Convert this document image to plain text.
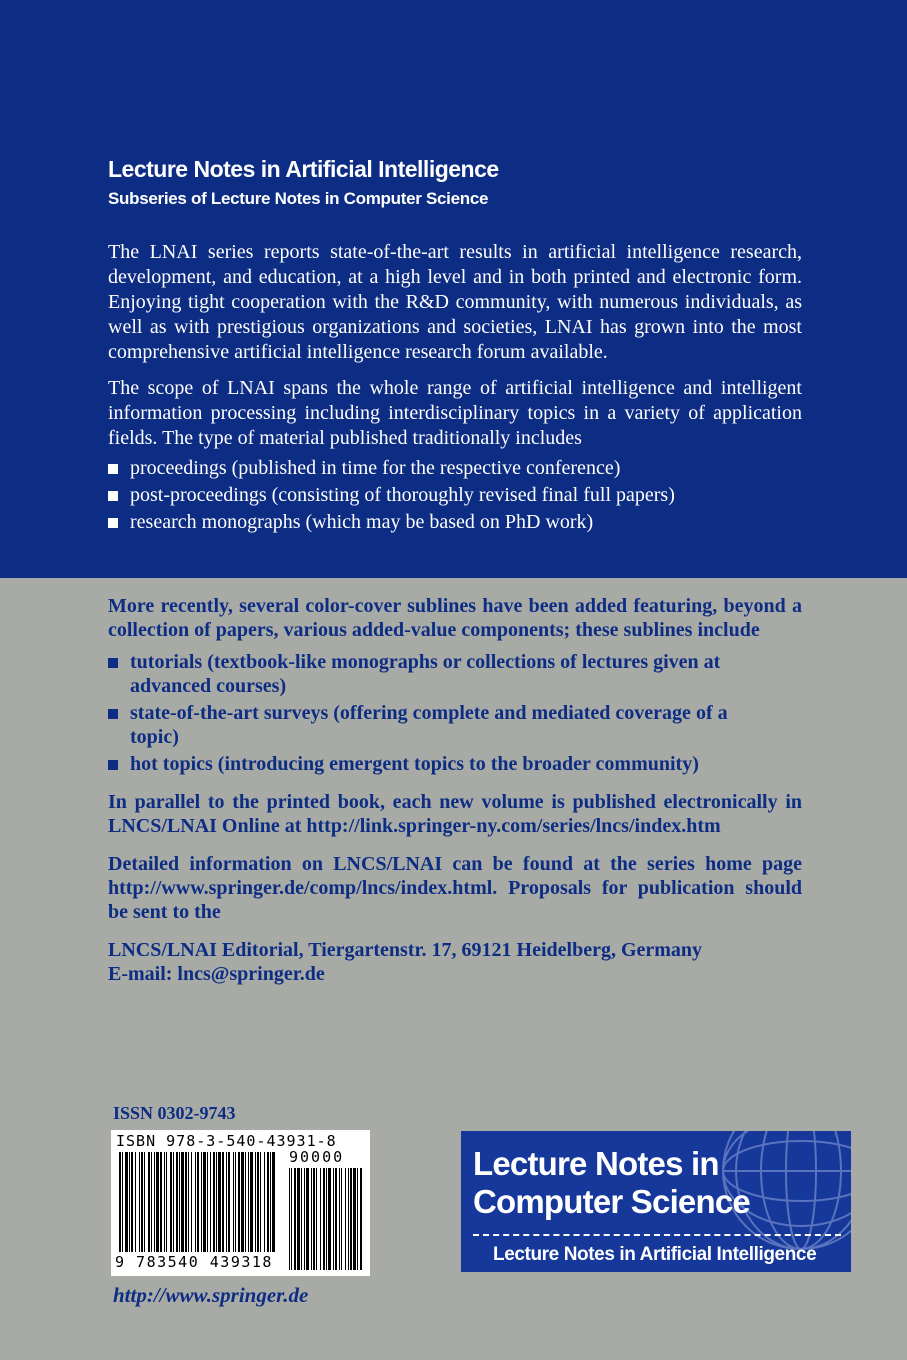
Lecture Notes in Artificial Intelligence
Subseries of Lecture Notes in Computer Science

The LNAI series reports state-of-the-art results in artificial intelligence research, development, and education, at a high level and in both printed and electronic form. Enjoying tight cooperation with the R&D community, with numerous individuals, as well as with prestigious organizations and societies, LNAI has grown into the most comprehensive artificial intelligence research forum available.

The scope of LNAI spans the whole range of artificial intelligence and intelligent information processing including interdisciplinary topics in a variety of application fields. The type of material published traditionally includes

proceedings (published in time for the respective conference)
post-proceedings (consisting of thoroughly revised final full papers)
research monographs (which may be based on PhD work)

More recently, several color-cover sublines have been added featuring, beyond a collection of papers, various added-value components; these sublines include

tutorials (textbook-like monographs or collections of lectures given at advanced courses)
state-of-the-art surveys (offering complete and mediated coverage of a topic)
hot topics (introducing emergent topics to the broader community)

In parallel to the printed book, each new volume is published electronically in LNCS/LNAI Online at http://link.springer-ny.com/series/lncs/index.htm

Detailed information on LNCS/LNAI can be found at the series home page http://www.springer.de/comp/lncs/index.html. Proposals for publication should be sent to the

LNCS/LNAI Editorial, Tiergartenstr. 17, 69121 Heidelberg, Germany

E-mail: lncs@springer.de

ISSN 0302-9743
ISBN 978-3-540-43931-8
90000
9 783540 439318
http://www.springer.de
Lecture Notes in
Computer Science
Lecture Notes in Artificial Intelligence
